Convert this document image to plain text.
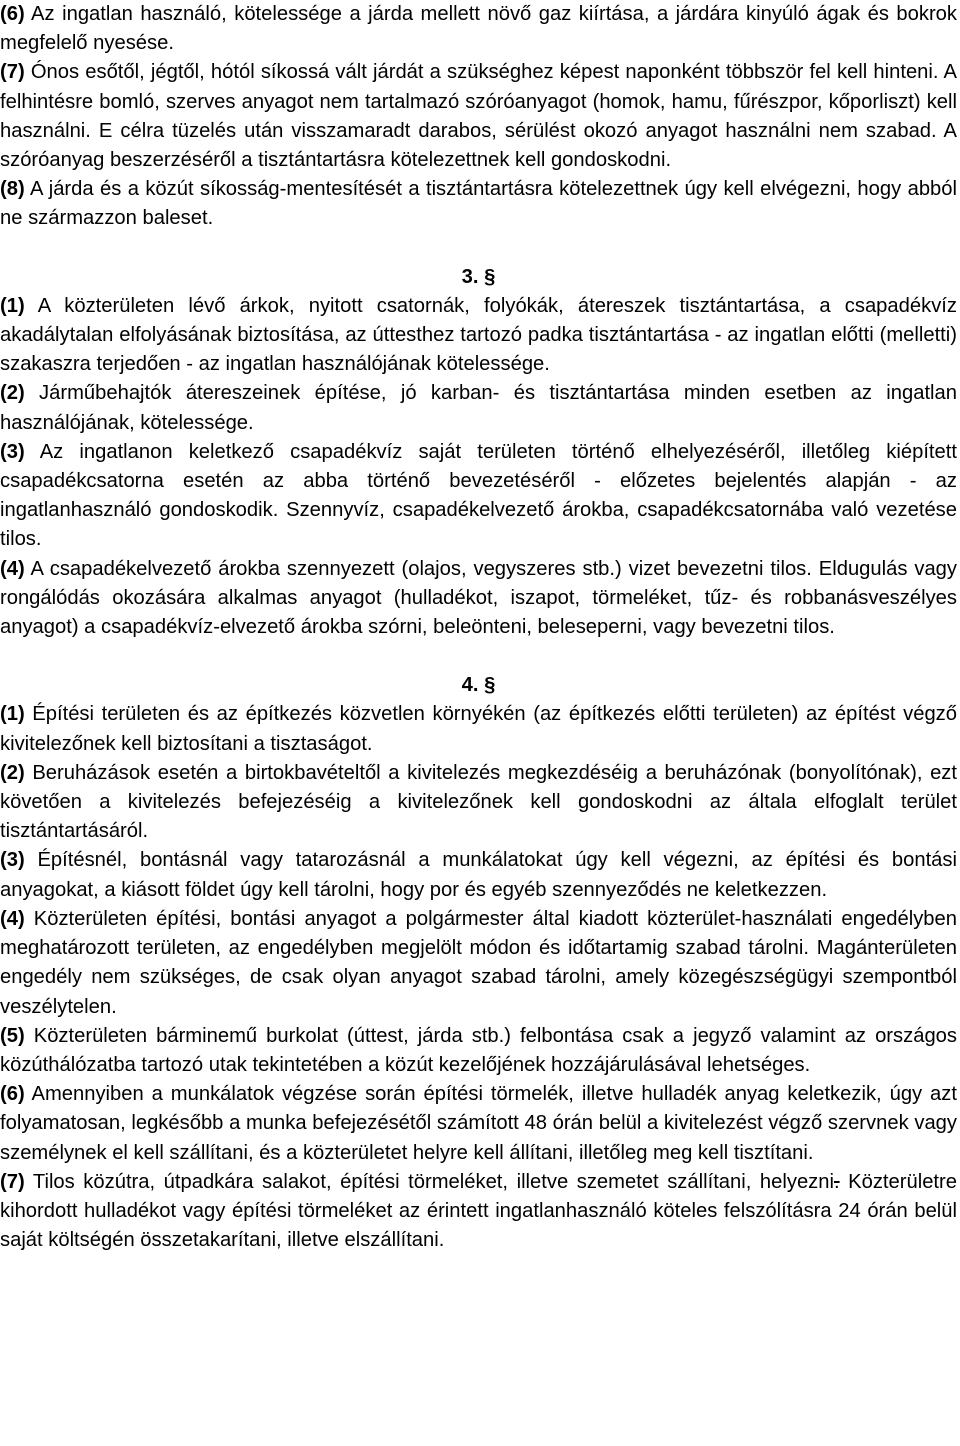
(6) Az ingatlan használó, kötelessége a járda mellett növő gaz kiírtása, a járdára kinyúló ágak és bokrok megfelelő nyesése.

(7) Ónos esőtől, jégtől, hótól síkossá vált járdát a szükséghez képest naponként többször fel kell hinteni. A felhintésre bomló, szerves anyagot nem tartalmazó szóróanyagot (homok, hamu, fűrészpor, kőporliszt) kell használni. E célra tüzelés után visszamaradt darabos, sérülést okozó anyagot használni nem szabad. A szóróanyag beszerzéséről a tisztántartásra kötelezettnek kell gondoskodni.

(8) A járda és a közút síkosság-mentesítését a tisztántartásra kötelezettnek úgy kell elvégezni, hogy abból ne származzon baleset.

3. §

(1) A közterületen lévő árkok, nyitott csatornák, folyókák, átereszek tisztántartása, a csapadékvíz akadálytalan elfolyásának biztosítása, az úttesthez tartozó padka tisztántartása - az ingatlan előtti (melletti) szakaszra terjedően - az ingatlan használójának kötelessége.

(2) Járműbehajtók átereszeinek építése, jó karban- és tisztántartása minden esetben az ingatlan használójának, kötelessége.

(3) Az ingatlanon keletkező csapadékvíz saját területen történő elhelyezéséről, illetőleg kiépített csapadékcsatorna esetén az abba történő bevezetéséről - előzetes bejelentés alapján - az ingatlanhasználó gondoskodik. Szennyvíz, csapadékelvezető árokba, csapadékcsatornába való vezetése tilos.

(4) A csapadékelvezető árokba szennyezett (olajos, vegyszeres stb.) vizet bevezetni tilos. Eldugulás vagy rongálódás okozására alkalmas anyagot (hulladékot, iszapot, törmeléket, tűz- és robbanásveszélyes anyagot) a csapadékvíz-elvezető árokba szórni, beleönteni, beleseperni, vagy bevezetni tilos.

4. §

(1) Építési területen és az építkezés közvetlen környékén (az építkezés előtti területen) az építést végző kivitelezőnek kell biztosítani a tisztaságot.

(2) Beruházások esetén a birtokbavételtől a kivitelezés megkezdéséig a beruházónak (bonyolítónak), ezt követően a kivitelezés befejezéséig a kivitelezőnek kell gondoskodni az általa elfoglalt terület tisztántartásáról.

(3) Építésnél, bontásnál vagy tatarozásnál a munkálatokat úgy kell végezni, az építési és bontási anyagokat, a kiásott földet úgy kell tárolni, hogy por és egyéb szennyeződés ne keletkezzen.

(4) Közterületen építési, bontási anyagot a polgármester által kiadott közterület-használati engedélyben meghatározott területen, az engedélyben megjelölt módon és időtartamig szabad tárolni. Magánterületen engedély nem szükséges, de csak olyan anyagot szabad tárolni, amely közegészségügyi szempontból veszélytelen.

(5) Közterületen bárminemű burkolat (úttest, járda stb.) felbontása csak a jegyző valamint az országos közúthálózatba tartozó utak tekintetében a közút kezelőjének hozzájárulásával lehetséges.

(6) Amennyiben a munkálatok végzése során építési törmelék, illetve hulladék anyag keletkezik, úgy azt folyamatosan, legkésőbb a munka befejezésétől számított 48 órán belül a kivitelezést végző szervnek vagy személynek el kell szállítani, és a közterületet helyre kell állítani, illetőleg meg kell tisztítani.

(7) Tilos közútra, útpadkára salakot, építési törmeléket, illetve szemetet szállítani, helyezni. Közterületre kihordott hulladékot vagy építési törmeléket az érintett ingatlanhasználó köteles felszólításra 24 órán belül saját költségén összetakarítani, illetve elszállítani.
